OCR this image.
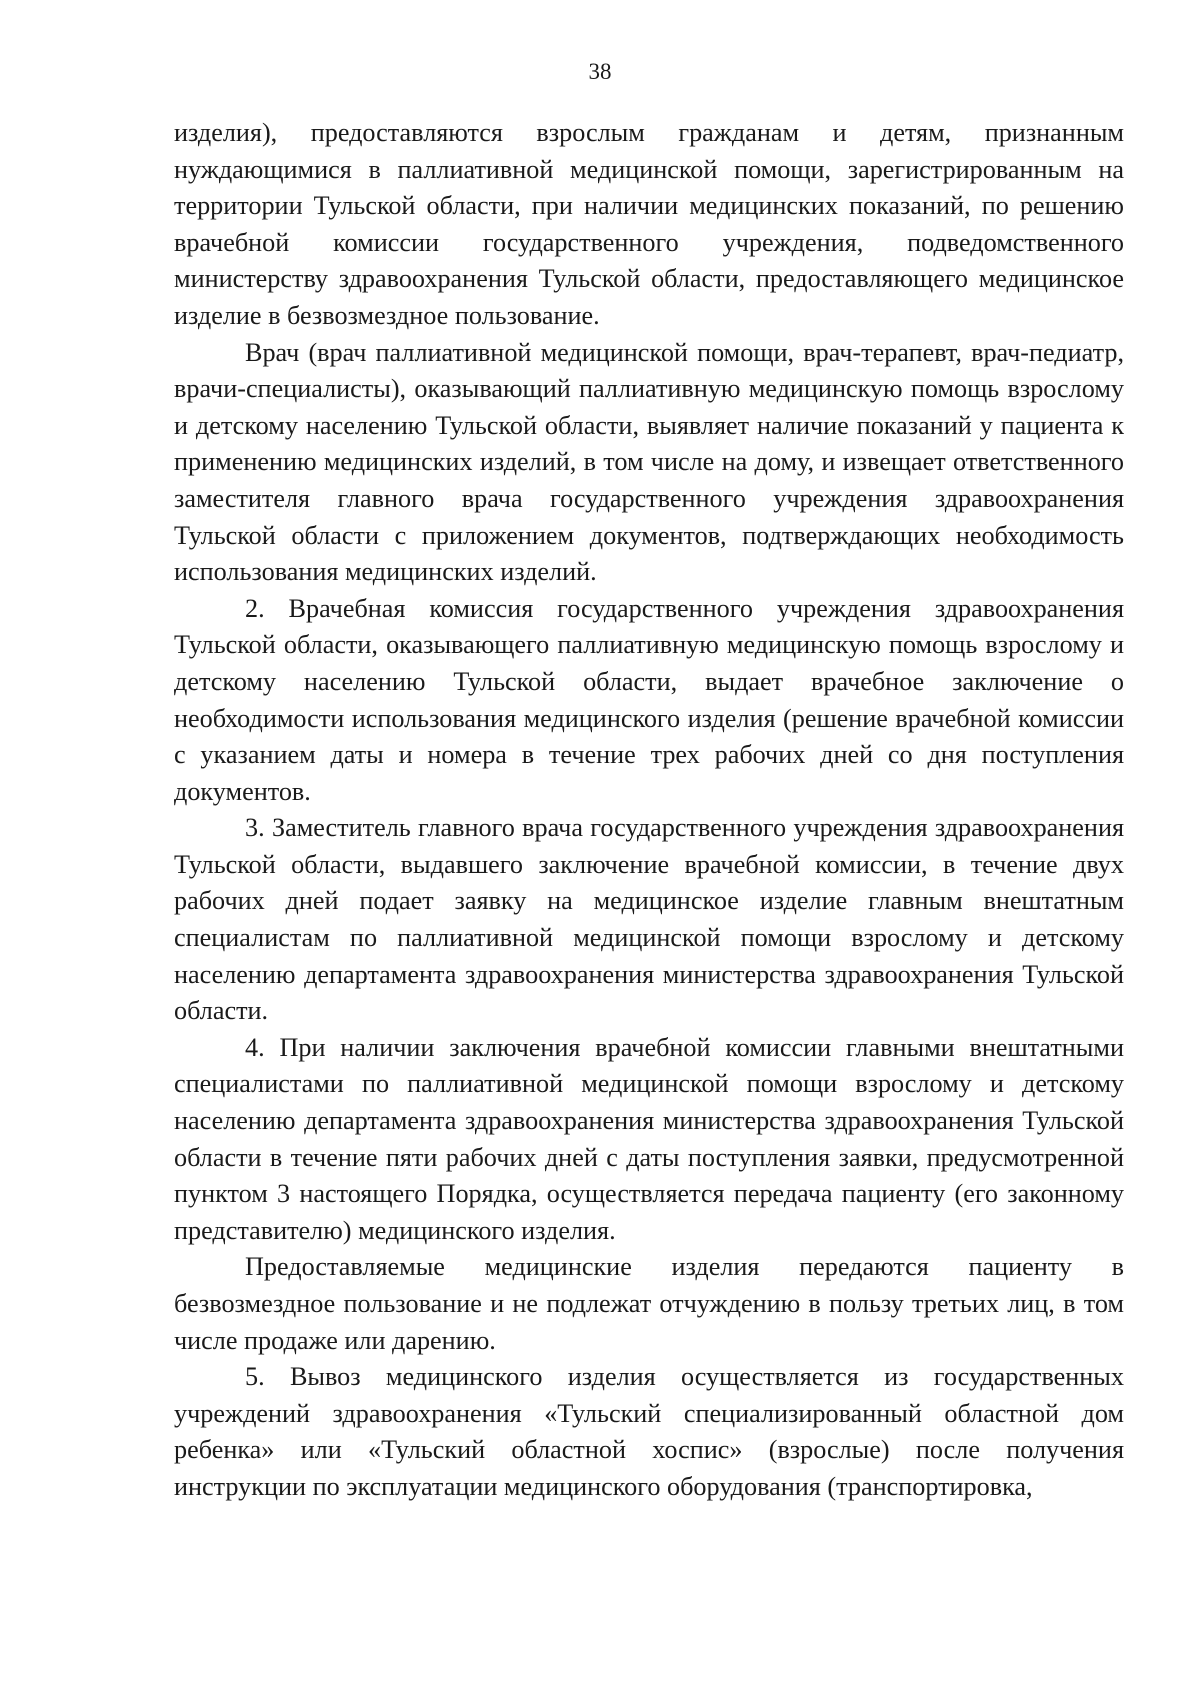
38

изделия), предоставляются взрослым гражданам и детям, признанным нуждающимися в паллиативной медицинской помощи, зарегистрированным на территории Тульской области, при наличии медицинских показаний, по решению врачебной комиссии государственного учреждения, подведомственного министерству здравоохранения Тульской области, предоставляющего медицинское изделие в безвозмездное пользование.

Врач (врач паллиативной медицинской помощи, врач-терапевт, врач-педиатр, врачи-специалисты), оказывающий паллиативную медицинскую помощь взрослому и детскому населению Тульской области, выявляет наличие показаний у пациента к применению медицинских изделий, в том числе на дому, и извещает ответственного заместителя главного врача государственного учреждения здравоохранения Тульской области с приложением документов, подтверждающих необходимость использования медицинских изделий.

2. Врачебная комиссия государственного учреждения здравоохранения Тульской области, оказывающего паллиативную медицинскую помощь взрослому и детскому населению Тульской области, выдает врачебное заключение о необходимости использования медицинского изделия (решение врачебной комиссии с указанием даты и номера в течение трех рабочих дней со дня поступления документов.

3. Заместитель главного врача государственного учреждения здравоохранения Тульской области, выдавшего заключение врачебной комиссии, в течение двух рабочих дней подает заявку на медицинское изделие главным внештатным специалистам по паллиативной медицинской помощи взрослому и детскому населению департамента здравоохранения министерства здравоохранения Тульской области.

4. При наличии заключения врачебной комиссии главными внештатными специалистами по паллиативной медицинской помощи взрослому и детскому населению департамента здравоохранения министерства здравоохранения Тульской области в течение пяти рабочих дней с даты поступления заявки, предусмотренной пунктом 3 настоящего Порядка, осуществляется передача пациенту (его законному представителю) медицинского изделия.

Предоставляемые медицинские изделия передаются пациенту в безвозмездное пользование и не подлежат отчуждению в пользу третьих лиц, в том числе продаже или дарению.

5. Вывоз медицинского изделия осуществляется из государственных учреждений здравоохранения «Тульский специализированный областной дом ребенка» или «Тульский областной хоспис» (взрослые) после получения инструкции по эксплуатации медицинского оборудования (транспортировка,
